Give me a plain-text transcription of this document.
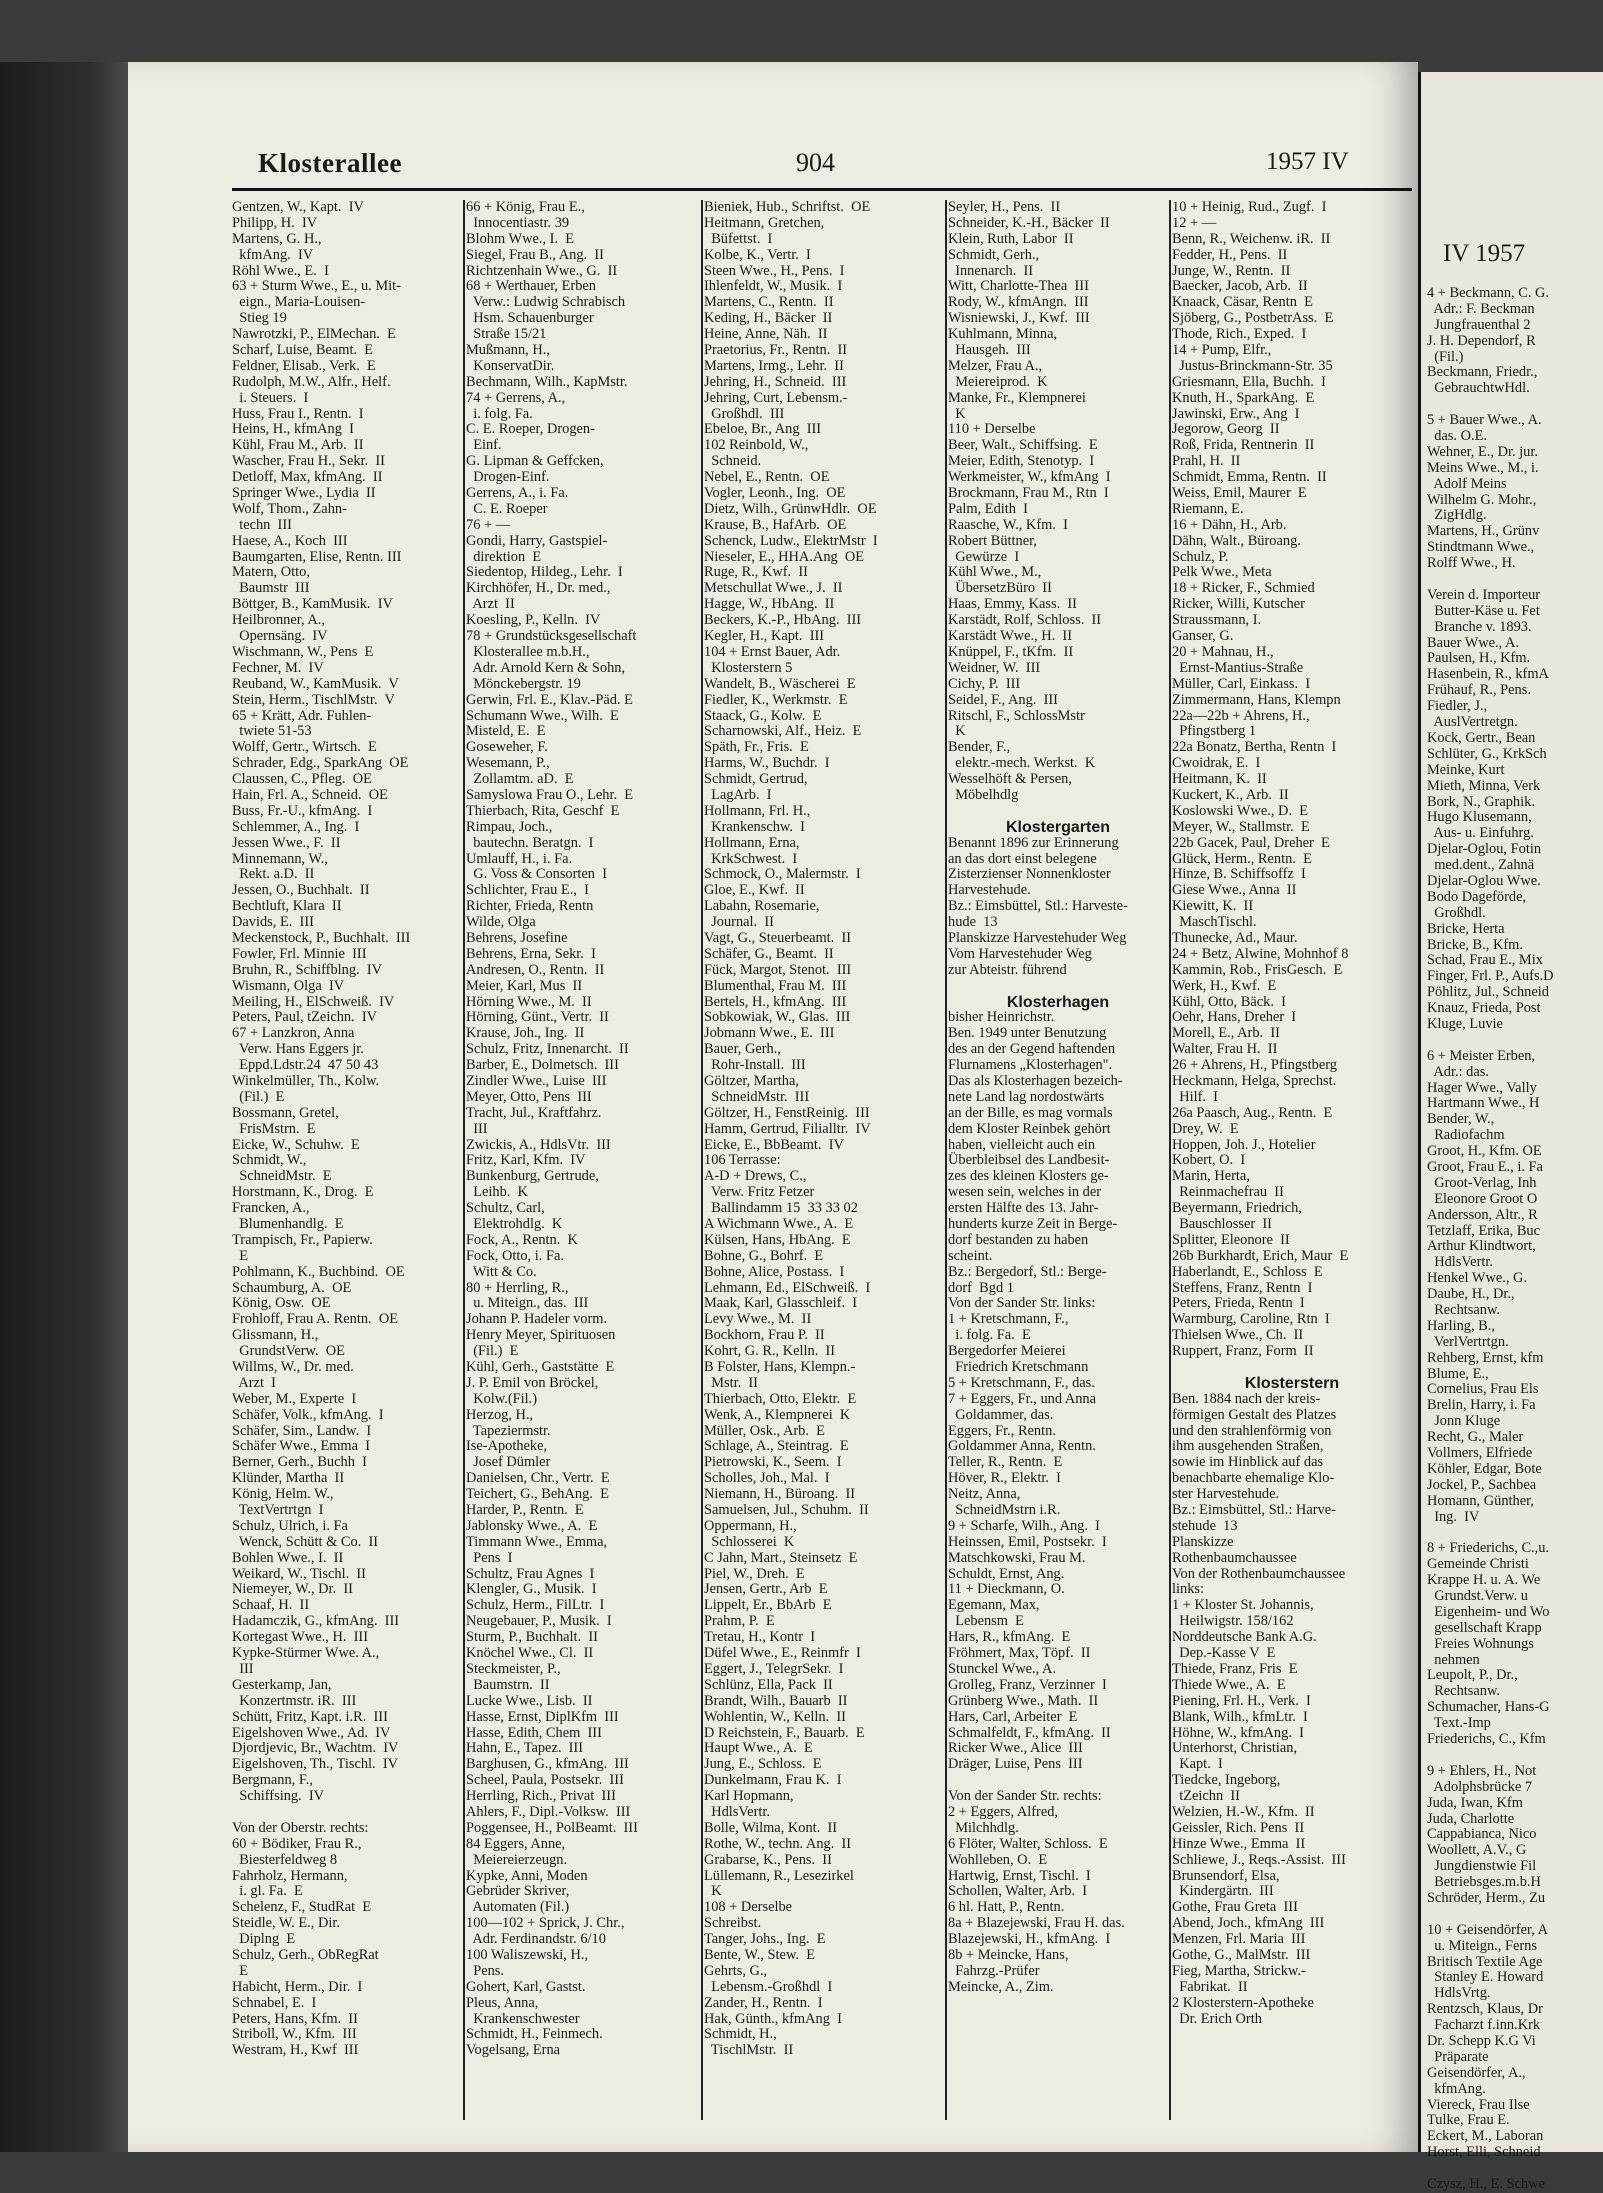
Klosterallee	904	1957 IV
Gentzen, W., Kapt.  IV
Philipp, H.  IV
Martens, G. H.,
kfmAng.  IV
Röhl Wwe., E.  I
63 + Sturm Wwe., E., u. Mit-
eign., Maria-Louisen-
Stieg 19
Nawrotzki, P., ElMechan.  E
Scharf, Luise, Beamt.  E
Feldner, Elisab., Verk.  E
Rudolph, M.W., Alfr., Helf.
i. Steuers.  I
Huss, Frau I., Rentn.  I
Heins, H., kfmAng  I
Kühl, Frau M., Arb.  II
Wascher, Frau H., Sekr.  II
Detloff, Max, kfmAng.  II
Springer Wwe., Lydia  II
Wolf, Thom., Zahn-
techn  III
Haese, A., Koch  III
Baumgarten, Elise, Rentn. III
Matern, Otto,
Baumstr  III
Böttger, B., KamMusik.  IV
Heilbronner, A.,
Opernsäng.  IV
Wischmann, W., Pens  E
Fechner, M.  IV
Reuband, W., KamMusik.  V
Stein, Herm., TischlMstr.  V
65 + Krätt, Adr. Fuhlen-
twiete 51-53
Wolff, Gertr., Wirtsch.  E
Schrader, Edg., SparkAng  OE
Claussen, C., Pfleg.  OE
Hain, Frl. A., Schneid.  OE
Buss, Fr.-U., kfmAng.  I
Schlemmer, A., Ing.  I
Jessen Wwe., F.  II
Minnemann, W.,
Rekt. a.D.  II
Jessen, O., Buchhalt.  II
Bechtluft, Klara  II
Davids, E.  III
Meckenstock, P., Buchhalt.  III
Fowler, Frl. Minnie  III
Bruhn, R., Schiffblng.  IV
Wismann, Olga  IV
Meiling, H., ElSchweiß.  IV
Peters, Paul, tZeichn.  IV
67 + Lanzkron, Anna
Verw. Hans Eggers jr.
Eppd.Ldstr.24  47 50 43
Winkelmüller, Th., Kolw.
(Fil.)  E
Bossmann, Gretel,
FrisMstrn.  E
Eicke, W., Schuhw.  E
Schmidt, W.,
SchneidMstr.  E
Horstmann, K., Drog.  E
Francken, A.,
Blumenhandlg.  E
Trampisch, Fr., Papierw.
E
Pohlmann, K., Buchbind.  OE
Schaumburg, A.  OE
König, Osw.  OE
Frohloff, Frau A. Rentn.  OE
Glissmann, H.,
GrundstVerw.  OE
Willms, W., Dr. med.
Arzt  I
Weber, M., Experte  I
Schäfer, Volk., kfmAng.  I
Schäfer, Sim., Landw.  I
Schäfer Wwe., Emma  I
Berner, Gerh., Buchh  I
Klünder, Martha  II
König, Helm. W.,
TextVertrtgn  I
Schulz, Ulrich, i. Fa
Wenck, Schütt & Co.  II
Bohlen Wwe., I.  II
Weikard, W., Tischl.  II
Niemeyer, W., Dr.  II
Schaaf, H.  II
Hadamczik, G., kfmAng.  III
Kortegast Wwe., H.  III
Kypke-Stürmer Wwe. A.,
III
Gesterkamp, Jan,
Konzertmstr. iR.  III
Schütt, Fritz, Kapt. i.R.  III
Eigelshoven Wwe., Ad.  IV
Djordjevic, Br., Wachtm.  IV
Eigelshoven, Th., Tischl.  IV
Bergmann, F.,
Schiffsing.  IV
Von der Oberstr. rechts:
60 + Bödiker, Frau R.,
Biesterfeldweg 8
Fahrholz, Hermann,
i. gl. Fa.  E
Schelenz, F., StudRat  E
Steidle, W. E., Dir.
Diplng  E
Schulz, Gerh., ObRegRat
E
Habicht, Herm., Dir.  I
Schnabel, E.  I
Peters, Hans, Kfm.  II
Striboll, W., Kfm.  III
Westram, H., Kwf  III
66 + König, Frau E.,
Innocentiastr. 39
Blohm Wwe., I.  E
Siegel, Frau B., Ang.  II
Richtzenhain Wwe., G.  II
68 + Werthauer, Erben
Verw.: Ludwig Schrabisch
Hsm. Schauenburger
Straße 15/21
Mußmann, H.,
KonservatDir.
Bechmann, Wilh., KapMstr.
74 + Gerrens, A.,
i. folg. Fa.
C. E. Roeper, Drogen-
Einf.
G. Lipman & Geffcken,
Drogen-Einf.
Gerrens, A., i. Fa.
C. E. Roeper
76 + —
Gondi, Harry, Gastspiel-
direktion  E
Siedentop, Hildeg., Lehr.  I
Kirchhöfer, H., Dr. med.,
Arzt  II
Koesling, P., Kelln.  IV
78 + Grundstücksgesellschaft
Klosterallee m.b.H.,
Adr. Arnold Kern & Sohn,
Mönckebergstr. 19
Gerwin, Frl. E., Klav.-Päd. E
Schumann Wwe., Wilh.  E
Misteld, E.  E
Goseweher, F.
Wesemann, P.,
Zollamtm. aD.  E
Samyslowa Frau O., Lehr.  E
Thierbach, Rita, Geschf  E
Rimpau, Joch.,
bautechn. Beratgn.  I
Umlauff, H., i. Fa.
G. Voss & Consorten  I
Schlichter, Frau E.,  I
Richter, Frieda, Rentn
Wilde, Olga
Behrens, Josefine
Behrens, Erna, Sekr.  I
Andresen, O., Rentn.  II
Meier, Karl, Mus  II
Hörning Wwe., M.  II
Hörning, Günt., Vertr.  II
Krause, Joh., Ing.  II
Schulz, Fritz, Innenarcht.  II
Barber, E., Dolmetsch.  III
Zindler Wwe., Luise  III
Meyer, Otto, Pens  III
Tracht, Jul., Kraftfahrz.
III
Zwickis, A., HdlsVtr.  III
Fritz, Karl, Kfm.  IV
Bunkenburg, Gertrude,
Leihb.  K
Schultz, Carl,
Elektrohdlg.  K
Fock, A., Rentn.  K
Fock, Otto, i. Fa.
Witt & Co.
80 + Herrling, R.,
u. Miteign., das.  III
Johann P. Hadeler vorm.
Henry Meyer, Spirituosen
(Fil.)  E
Kühl, Gerh., Gaststätte  E
J. P. Emil von Bröckel,
Kolw.(Fil.)
Herzog, H.,
Tapeziermstr.
Ise-Apotheke,
Josef Dümler
Danielsen, Chr., Vertr.  E
Teichert, G., BehAng.  E
Harder, P., Rentn.  E
Jablonsky Wwe., A.  E
Timmann Wwe., Emma,
Pens  I
Schultz, Frau Agnes  I
Klengler, G., Musik.  I
Schulz, Herm., FilLtr.  I
Neugebauer, P., Musik.  I
Sturm, P., Buchhalt.  II
Knöchel Wwe., Cl.  II
Steckmeister, P.,
Baumstrn.  II
Lucke Wwe., Lisb.  II
Hasse, Ernst, DiplKfm  III
Hasse, Edith, Chem  III
Hahn, E., Tapez.  III
Barghusen, G., kfmAng.  III
Scheel, Paula, Postsekr.  III
Herrling, Rich., Privat  III
Ahlers, F., Dipl.-Volksw.  III
Poggensee, H., PolBeamt.  III
84 Eggers, Anne,
Meiereierzeugn.
Kypke, Anni, Moden
Gebrüder Skriver,
Automaten (Fil.)
100—102 + Sprick, J. Chr.,
Adr. Ferdinandstr. 6/10
100 Waliszewski, H.,
Pens.
Gohert, Karl, Gastst.
Pleus, Anna,
Krankenschwester
Schmidt, H., Feinmech.
Vogelsang, Erna
Bieniek, Hub., Schriftst.  OE
Heitmann, Gretchen,
Büfettst.  I
Kolbe, K., Vertr.  I
Steen Wwe., H., Pens.  I
Ihlenfeldt, W., Musik.  I
Martens, C., Rentn.  II
Keding, H., Bäcker  II
Heine, Anne, Näh.  II
Praetorius, Fr., Rentn.  II
Martens, Irmg., Lehr.  II
Jehring, H., Schneid.  III
Jehring, Curt, Lebensm.-
Großhdl.  III
Ebeloe, Br., Ang  III
102 Reinbold, W.,
Schneid.
Nebel, E., Rentn.  OE
Vogler, Leonh., Ing.  OE
Dietz, Wilh., GrünwHdlr.  OE
Krause, B., HafArb.  OE
Schenck, Ludw., ElektrMstr  I
Nieseler, E., HHA.Ang  OE
Ruge, R., Kwf.  II
Metschullat Wwe., J.  II
Hagge, W., HbAng.  II
Beckers, K.-P., HbAng.  III
Kegler, H., Kapt.  III
104 + Ernst Bauer, Adr.
Klosterstern 5
Wandelt, B., Wäscherei  E
Fiedler, K., Werkmstr.  E
Staack, G., Kolw.  E
Scharnowski, Alf., Heiz.  E
Späth, Fr., Fris.  E
Harms, W., Buchdr.  I
Schmidt, Gertrud,
LagArb.  I
Hollmann, Frl. H.,
Krankenschw.  I
Hollmann, Erna,
KrkSchwest.  I
Schmock, O., Malermstr.  I
Gloe, E., Kwf.  II
Labahn, Rosemarie,
Journal.  II
Vagt, G., Steuerbeamt.  II
Schäfer, G., Beamt.  II
Fück, Margot, Stenot.  III
Blumenthal, Frau M.  III
Bertels, H., kfmAng.  III
Sobkowiak, W., Glas.  III
Jobmann Wwe., E.  III
Bauer, Gerh.,
Rohr-Install.  III
Göltzer, Martha,
SchneidMstr.  III
Göltzer, H., FenstReinig.  III
Hamm, Gertrud, Filialltr.  IV
Eicke, E., BbBeamt.  IV
106 Terrasse:
A-D + Drews, C.,
Verw. Fritz Fetzer
Ballindamm 15  33 33 02
A Wichmann Wwe., A.  E
Külsen, Hans, HbAng.  E
Bohne, G., Bohrf.  E
Bohne, Alice, Postass.  I
Lehmann, Ed., ElSchweiß.  I
Maak, Karl, Glasschleif.  I
Levy Wwe., M.  II
Bockhorn, Frau P.  II
Kohrt, G. R., Kelln.  II
B Folster, Hans, Klempn.-
Mstr.  II
Thierbach, Otto, Elektr.  E
Wenk, A., Klempnerei  K
Müller, Osk., Arb.  E
Schlage, A., Steintrag.  E
Pietrowski, K., Seem.  I
Scholles, Joh., Mal.  I
Niemann, H., Büroang.  II
Samuelsen, Jul., Schuhm.  II
Oppermann, H.,
Schlosserei  K
C Jahn, Mart., Steinsetz  E
Piel, W., Dreh.  E
Jensen, Gertr., Arb  E
Lippelt, Er., BbArb  E
Prahm, P.  E
Tretau, H., Kontr  I
Düfel Wwe., E., Reinmfr  I
Eggert, J., TelegrSekr.  I
Schlünz, Ella, Pack  II
Brandt, Wilh., Bauarb  II
Wohlentin, W., Kelln.  II
D Reichstein, F., Bauarb.  E
Haupt Wwe., A.  E
Jung, E., Schloss.  E
Dunkelmann, Frau K.  I
Karl Hopmann,
HdlsVertr.
Bolle, Wilma, Kont.  II
Rothe, W., techn. Ang.  II
Grabarse, K., Pens.  II
Lüllemann, R., Lesezirkel
K
108 + Derselbe
Schreibst.
Tanger, Johs., Ing.  E
Bente, W., Stew.  E
Gehrts, G.,
Lebensm.-Großhdl  I
Zander, H., Rentn.  I
Hak, Günth., kfmAng  I
Schmidt, H.,
TischlMstr.  II
Seyler, H., Pens.  II
Schneider, K.-H., Bäcker  II
Klein, Ruth, Labor  II
Schmidt, Gerh.,
Innenarch.  II
Witt, Charlotte-Thea  III
Rody, W., kfmAngn.  III
Wisniewski, J., Kwf.  III
Kuhlmann, Minna,
Hausgeh.  III
Melzer, Frau A.,
Meiereiprod.  K
Manke, Fr., Klempnerei
K
110 + Derselbe
Beer, Walt., Schiffsing.  E
Meier, Edith, Stenotyp.  I
Werkmeister, W., kfmAng  I
Brockmann, Frau M., Rtn  I
Palm, Edith  I
Raasche, W., Kfm.  I
Robert Büttner,
Gewürze  I
Kühl Wwe., M.,
ÜbersetzBüro  II
Haas, Emmy, Kass.  II
Karstädt, Rolf, Schloss.  II
Karstädt Wwe., H.  II
Knüppel, F., tKfm.  II
Weidner, W.  III
Cichy, P.  III
Seidel, F., Ang.  III
Ritschl, F., SchlossMstr
K
Bender, F.,
elektr.-mech. Werkst.  K
Wesselhöft & Persen,
Möbelhdlg
Klostergarten
Benannt 1896 zur Erinnerung
an das dort einst belegene
Zisterzienser Nonnenkloster
Harvestehude.
Bz.: Eimsbüttel, Stl.: Harveste-
hude  13
Planskizze Harvestehuder Weg
Vom Harvestehuder Weg
zur Abteistr. führend
Klosterhagen
bisher Heinrichstr.
Ben. 1949 unter Benutzung
des an der Gegend haftenden
Flurnamens „Klosterhagen".
Das als Klosterhagen bezeich-
nete Land lag nordostwärts
an der Bille, es mag vormals
dem Kloster Reinbek gehört
haben, vielleicht auch ein
Überbleibsel des Landbesit-
zes des kleinen Klosters ge-
wesen sein, welches in der
ersten Hälfte des 13. Jahr-
hunderts kurze Zeit in Berge-
dorf bestanden zu haben
scheint.
Bz.: Bergedorf, Stl.: Berge-
dorf  Bgd 1
Von der Sander Str. links:
1 + Kretschmann, F.,
i. folg. Fa.  E
Bergedorfer Meierei
Friedrich Kretschmann
5 + Kretschmann, F., das.
7 + Eggers, Fr., und Anna
Goldammer, das.
Eggers, Fr., Rentn.
Goldammer Anna, Rentn.
Teller, R., Rentn.  E
Höver, R., Elektr.  I
Neitz, Anna,
SchneidMstrn i.R.
9 + Scharfe, Wilh., Ang.  I
Heinssen, Emil, Postsekr.  I
Matschkowski, Frau M.
Schuldt, Ernst, Ang.
11 + Dieckmann, O.
Egemann, Max,
Lebensm  E
Hars, R., kfmAng.  E
Fröhmert, Max, Töpf.  II
Stunckel Wwe., A.
Grolleg, Franz, Verzinner  I
Grünberg Wwe., Math.  II
Hars, Carl, Arbeiter  E
Schmalfeldt, F., kfmAng.  II
Ricker Wwe., Alice  III
Dräger, Luise, Pens  III
Von der Sander Str. rechts:
2 + Eggers, Alfred,
Milchhdlg.
6 Flöter, Walter, Schloss.  E
Wohlleben, O.  E
Hartwig, Ernst, Tischl.  I
Schollen, Walter, Arb.  I
6 hl. Hatt, P., Rentn.
8a + Blazejewski, Frau H. das.
Blazejewski, H., kfmAng.  I
8b + Meincke, Hans,
Fahrzg.-Prüfer
Meincke, A., Zim.
10 + Heinig, Rud., Zugf.  I
12 + —
Benn, R., Weichenw. iR.  II
Fedder, H., Pens.  II
Junge, W., Rentn.  II
Baecker, Jacob, Arb.  II
Knaack, Cäsar, Rentn  E
Sjöberg, G., PostbetrAss.  E
Thode, Rich., Exped.  I
14 + Pump, Elfr.,
Justus-Brinckmann-Str. 35
Griesmann, Ella, Buchh.  I
Knuth, H., SparkAng.  E
Jawinski, Erw., Ang  I
Jegorow, Georg  II
Roß, Frida, Rentnerin  II
Prahl, H.  II
Schmidt, Emma, Rentn.  II
Weiss, Emil, Maurer  E
Riemann, E.
16 + Dähn, H., Arb.
Dähn, Walt., Büroang.
Schulz, P.
Pelk Wwe., Meta
18 + Ricker, F., Schmied
Ricker, Willi, Kutscher
Straussmann, I.
Ganser, G.
20 + Mahnau, H.,
Ernst-Mantius-Straße
Müller, Carl, Einkass.  I
Zimmermann, Hans, Klempn
22a—22b + Ahrens, H.,
Pfingstberg 1
22a Bonatz, Bertha, Rentn  I
Cwoidrak, E.  I
Heitmann, K.  II
Kuckert, K., Arb.  II
Koslowski Wwe., D.  E
Meyer, W., Stallmstr.  E
22b Gacek, Paul, Dreher  E
Glück, Herm., Rentn.  E
Hinze, B. Schiffsoffz  I
Giese Wwe., Anna  II
Kiewitt, K.  II
MaschTischl.
Thunecke, Ad., Maur.
24 + Betz, Alwine, Mohnhof 8
Kammin, Rob., FrisGesch.  E
Werk, H., Kwf.  E
Kühl, Otto, Bäck.  I
Oehr, Hans, Dreher  I
Morell, E., Arb.  II
Walter, Frau H.  II
26 + Ahrens, H., Pfingstberg
Heckmann, Helga, Sprechst.
Hilf.  I
26a Paasch, Aug., Rentn.  E
Drey, W.  E
Hoppen, Joh. J., Hotelier
Kobert, O.  I
Marin, Herta,
Reinmachefrau  II
Beyermann, Friedrich,
Bauschlosser  II
Splitter, Eleonore  II
26b Burkhardt, Erich, Maur  E
Haberlandt, E., Schloss  E
Steffens, Franz, Rentn  I
Peters, Frieda, Rentn  I
Warmburg, Caroline, Rtn  I
Thielsen Wwe., Ch.  II
Ruppert, Franz, Form  II
Klosterstern
Ben. 1884 nach der kreis-
förmigen Gestalt des Platzes
und den strahlenförmig von
ihm ausgehenden Straßen,
sowie im Hinblick auf das
benachbarte ehemalige Klo-
ster Harvestehude.
Bz.: Eimsbüttel, Stl.: Harve-
stehude  13
Planskizze
Rothenbaumchaussee
Von der Rothenbaumchaussee
links:
1 + Kloster St. Johannis,
Heilwigstr. 158/162
Norddeutsche Bank A.G.
Dep.-Kasse V  E
Thiede, Franz, Fris  E
Thiede Wwe., A.  E
Piening, Frl. H., Verk.  I
Blank, Wilh., kfmLtr.  I
Höhne, W., kfmAng.  I
Unterhorst, Christian,
Kapt.  I
Tiedcke, Ingeborg,
tZeichn  II
Welzien, H.-W., Kfm.  II
Geissler, Rich. Pens  II
Hinze Wwe., Emma  II
Schliewe, J., Reqs.-Assist.  III
Brunsendorf, Elsa,
Kindergärtn.  III
Gothe, Frau Greta  III
Abend, Joch., kfmAng  III
Menzen, Frl. Maria  III
Gothe, G., MalMstr.  III
Fieg, Martha, Strickw.-
Fabrikat.  II
2 Klosterstern-Apotheke
Dr. Erich Orth
IV 1957
4 + Beckmann, C. G.
Adr.: F. Beckman
Jungfrauenthal 2
J. H. Dependorf, R
(Fil.)
Beckmann, Friedr.,
GebrauchtwHdl.
5 + Bauer Wwe., A.
das. O.E.
Wehner, E., Dr. jur.
Meins Wwe., M., i.
Adolf Meins
Wilhelm G. Mohr.,
ZigHdlg.
Martens, H., Grünv
Stindtmann Wwe.,
Rolff Wwe., H.
Verein d. Importeur
Butter-Käse u. Fet
Branche v. 1893.
Bauer Wwe., A.
Paulsen, H., Kfm.
Hasenbein, R., kfmA
Frühauf, R., Pens.
Fiedler, J.,
AuslVertretgn.
Kock, Gertr., Bean
Schlüter, G., KrkSch
Meinke, Kurt
Mieth, Minna, Verk
Bork, N., Graphik.
Hugo Klusemann,
Aus- u. Einfuhrg.
Djelar-Oglou, Fotin
med.dent., Zahnä
Djelar-Oglou Wwe.
Bodo Dageförde,
Großhdl.
Bricke, Herta
Bricke, B., Kfm.
Schad, Frau E., Mix
Finger, Frl. P., Aufs.D
Pöhlitz, Jul., Schneid
Knauz, Frieda, Post
Kluge, Luvie
6 + Meister Erben,
Adr.: das.
Hager Wwe., Vally
Hartmann Wwe., H
Bender, W.,
Radiofachm
Groot, H., Kfm. OE
Groot, Frau E., i. Fa
Groot-Verlag, Inh
Eleonore Groot O
Andersson, Altr., R
Tetzlaff, Erika, Buc
Arthur Klindtwort,
HdlsVertr.
Henkel Wwe., G.
Daube, H., Dr.,
Rechtsanw.
Harling, B.,
VerlVertrtgn.
Rehberg, Ernst, kfm
Blume, E.,
Cornelius, Frau Els
Brelin, Harry, i. Fa
Jonn Kluge
Recht, G., Maler
Vollmers, Elfriede
Köhler, Edgar, Bote
Jockel, P., Sachbea
Homann, Günther,
Ing.  IV
8 + Friederichs, C.,u.
Gemeinde Christi
Krappe H. u. A. We
Grundst.Verw. u
Eigenheim- und Wo
gesellschaft Krapp
Freies Wohnungs
nehmen
Leupolt, P., Dr.,
Rechtsanw.
Schumacher, Hans-G
Text.-Imp
Friederichs, C., Kfm
9 + Ehlers, H., Not
Adolphsbrücke 7
Juda, Iwan, Kfm
Juda, Charlotte
Cappabianca, Nico
Woollett, A.V., G
Jungdienstwie Fil
Betriebsges.m.b.H
Schröder, Herm., Zu
10 + Geisendörfer, A
u. Miteign., Ferns
Britisch Textile Age
Stanley E. Howard
HdlsVrtg.
Rentzsch, Klaus, Dr
Facharzt f.inn.Krk
Dr. Schepp K.G Vi
Präparate
Geisendörfer, A.,
kfmAng.
Viereck, Frau Ilse
Tulke, Frau E.
Eckert, M., Laboran
Horst, Elli, Schneid
Czysz, H., E. Schwe
